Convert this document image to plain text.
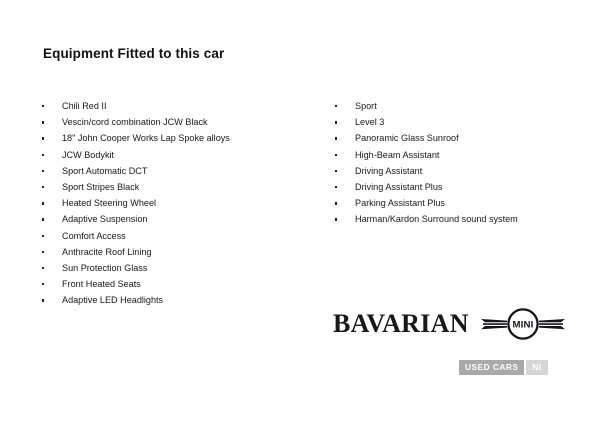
Equipment Fitted to this car
Chili Red II
Vescin/cord combination JCW Black
18" John Cooper Works Lap Spoke alloys
JCW Bodykit
Sport Automatic DCT
Sport Stripes Black
Heated Steering Wheel
Adaptive Suspension
Comfort Access
Anthracite Roof Lining
Sun Protection Glass
Front Heated Seats
Adaptive LED Headlights
Sport
Level 3
Panoramic Glass Sunroof
High-Beam Assistant
Driving Assistant
Driving Assistant Plus
Parking Assistant Plus
Harman/Kardon Surround sound system
BAVARIAN	MINI
USED CARS	NI
